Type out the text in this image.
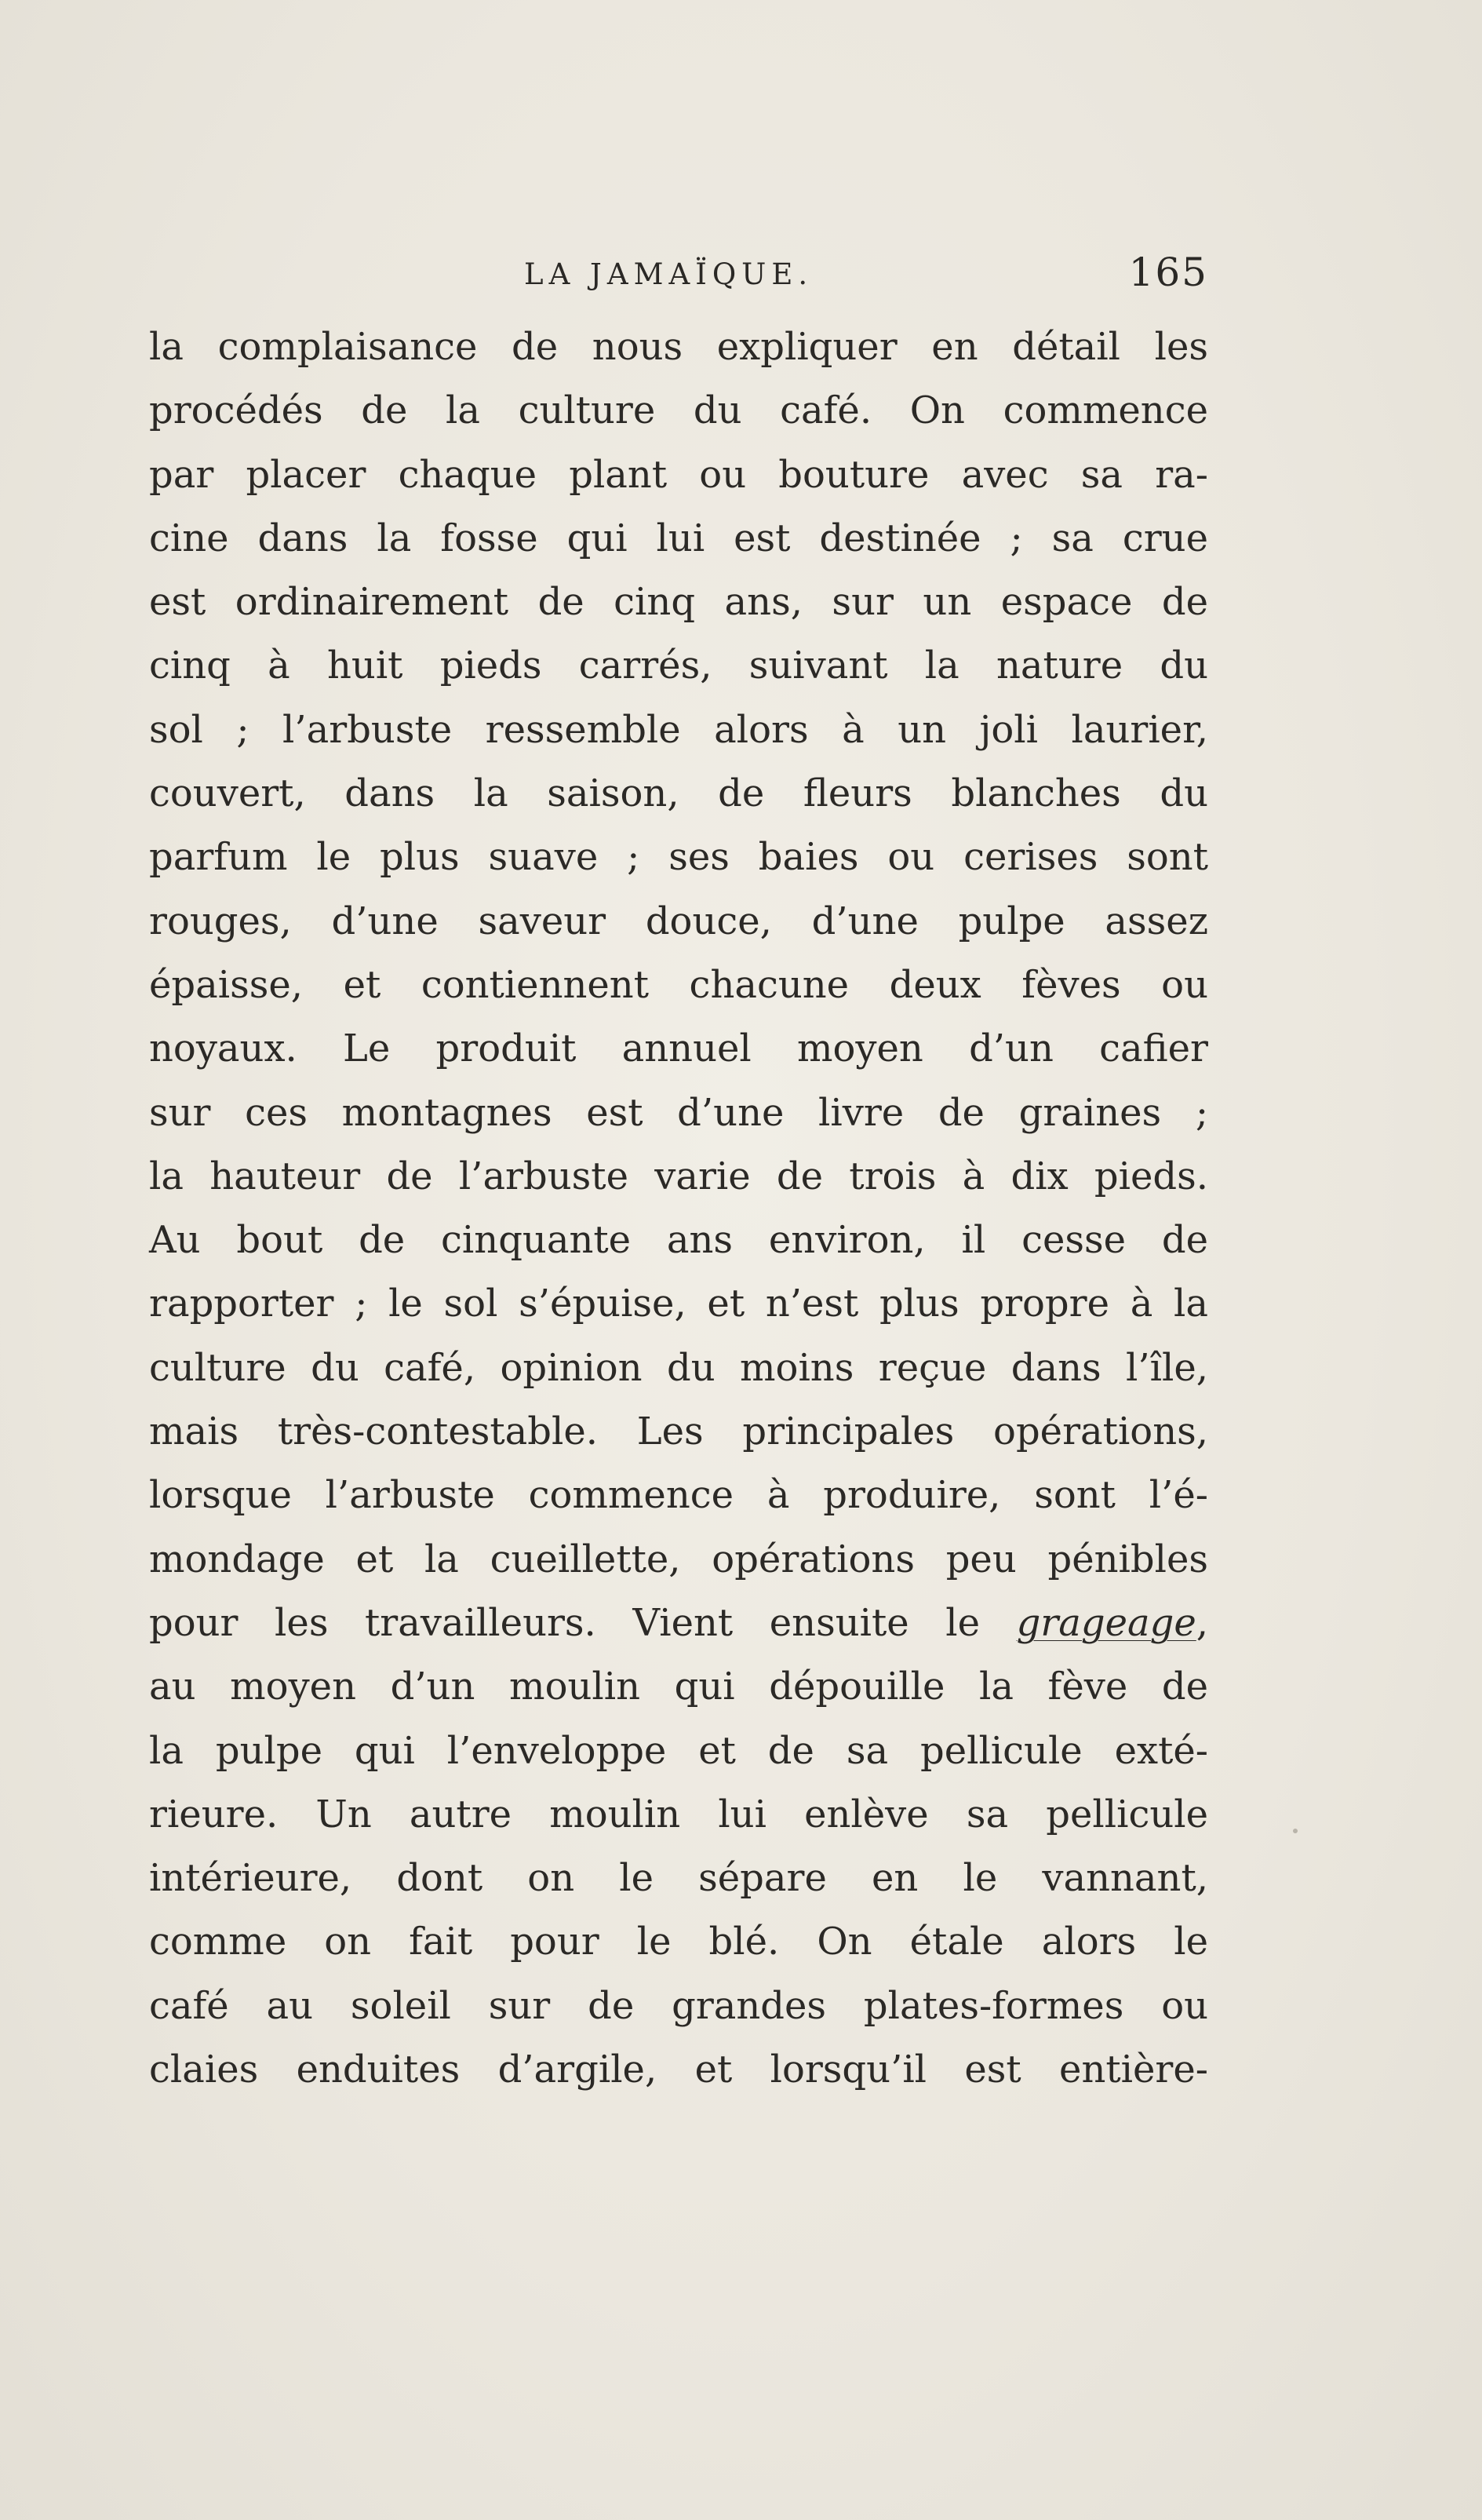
LA JAMAÏQUE.	165
la complaisance de nous expliquer en détail les
procédés de la culture du café. On commence
par placer chaque plant ou bouture avec sa ra-
cine dans la fosse qui lui est destinée ; sa crue
est ordinairement de cinq ans, sur un espace de
cinq à huit pieds carrés, suivant la nature du
sol ; l’arbuste ressemble alors à un joli laurier,
couvert, dans la saison, de fleurs blanches du
parfum le plus suave ; ses baies ou cerises sont
rouges, d’une saveur douce, d’une pulpe assez
épaisse, et contiennent chacune deux fèves ou
noyaux. Le produit annuel moyen d’un cafier
sur ces montagnes est d’une livre de graines ;
la hauteur de l’arbuste varie de trois à dix pieds.
Au bout de cinquante ans environ, il cesse de
rapporter ; le sol s’épuise, et n’est plus propre à la
culture du café, opinion du moins reçue dans l’île,
mais très-contestable. Les principales opérations,
lorsque l’arbuste commence à produire, sont l’é-
mondage et la cueillette, opérations peu pénibles
pour les travailleurs. Vient ensuite le grageage,
au moyen d’un moulin qui dépouille la fève de
la pulpe qui l’enveloppe et de sa pellicule exté-
rieure. Un autre moulin lui enlève sa pellicule
intérieure, dont on le sépare en le vannant,
comme on fait pour le blé. On étale alors le
café au soleil sur de grandes plates-formes ou
claies enduites d’argile, et lorsqu’il est entière-
